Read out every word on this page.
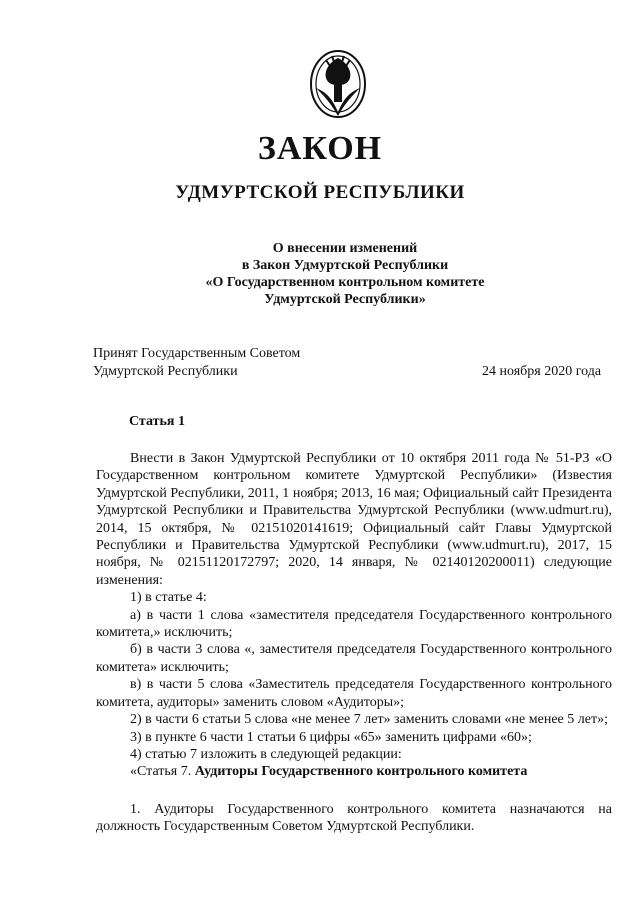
ЗАКОН
УДМУРТСКОЙ РЕСПУБЛИКИ
О внесении изменений
в Закон Удмуртской Республики
«О Государственном контрольном комитете
Удмуртской Республики»
Принят Государственным Советом
Удмуртской Республики	24 ноября 2020 года
Статья 1

Внести в Закон Удмуртской Республики от 10 октября 2011 года № 51-РЗ «О Государственном контрольном комитете Удмуртской Республики» (Известия Удмуртской Республики, 2011, 1 ноября; 2013, 16 мая; Официальный сайт Президента Удмуртской Республики и Правительства Удмуртской Республики (www.udmurt.ru), 2014, 15 октября, № 02151020141619; Официальный сайт Главы Удмуртской Республики и Правительства Удмуртской Республики (www.udmurt.ru), 2017, 15 ноября, № 02151120172797; 2020, 14 января, № 02140120200011) следующие изменения:

1) в статье 4:

а) в части 1 слова «заместителя председателя Государственного контрольного комитета,» исключить;

б) в части 3 слова «, заместителя председателя Государственного контрольного комитета» исключить;

в) в части 5 слова «Заместитель председателя Государственного контрольного комитета, аудиторы» заменить словом «Аудиторы»;

2) в части 6 статьи 5 слова «не менее 7 лет» заменить словами «не менее 5 лет»;

3) в пункте 6 части 1 статьи 6 цифры «65» заменить цифрами «60»;

4) статью 7 изложить в следующей редакции:

«Статья 7. Аудиторы Государственного контрольного комитета

1. Аудиторы Государственного контрольного комитета назначаются на должность Государственным Советом Удмуртской Республики.
